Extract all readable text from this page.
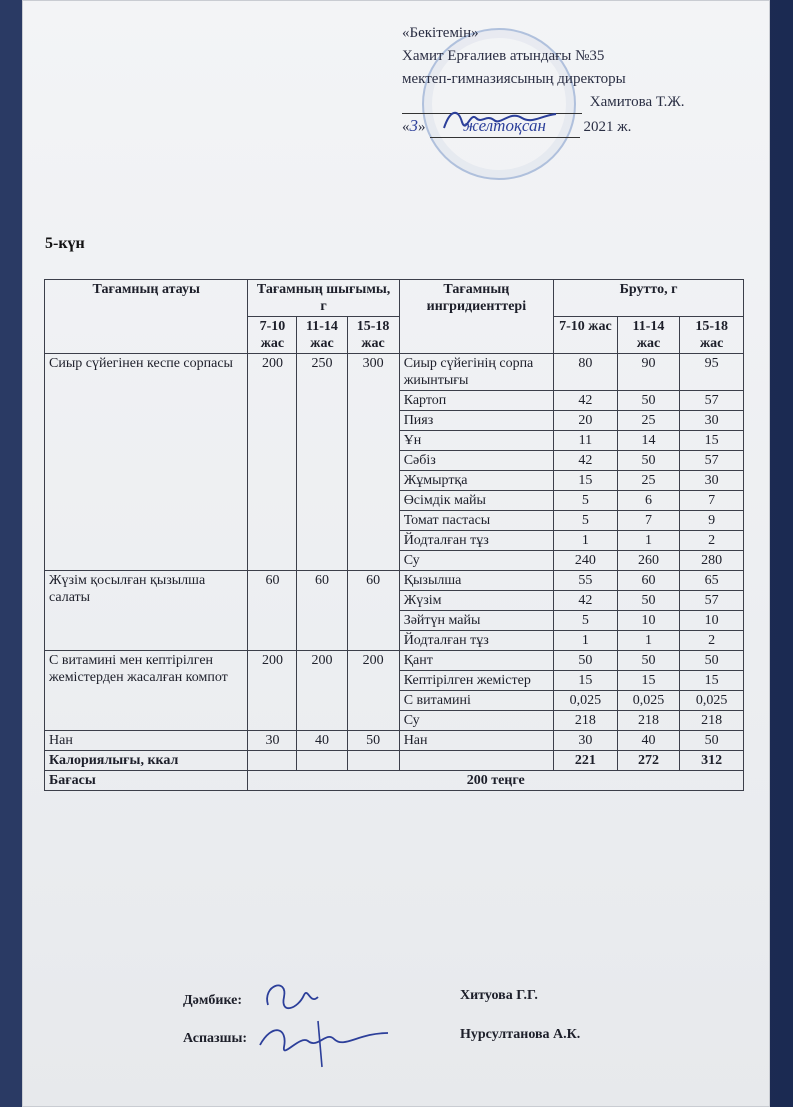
«Бекітемін»
Хамит Ерғалиев атындағы №35
мектеп-гимназиясының директоры
Хамитова Т.Ж.
«3» желтоқсан	2021 ж.
5-күн
Тағамның атауы	Тағамның шығымы, г			Тағамның ингридиенттері	Брутто, г		
	7-10 жас	11-14 жас	15-18 жас		7-10 жас	11-14 жас	15-18 жас
Сиыр сүйегінен кеспе сорпасы	200	250	300	Сиыр сүйегінің сорпа жиынтығы	80	90	95
				Картоп	42	50	57
				Пияз	20	25	30
				Ұн	11	14	15
				Сәбіз	42	50	57
				Жұмыртқа	15	25	30
				Өсімдік майы	5	6	7
				Томат пастасы	5	7	9
				Йодталған тұз	1	1	2
				Су	240	260	280
Жүзім қосылған қызылша салаты	60	60	60	Қызылша	55	60	65
				Жүзім	42	50	57
				Зәйтүн майы	5	10	10
				Йодталған тұз	1	1	2
С витамині мен кептірілген жемістерден жасалған компот	200	200	200	Қант	50	50	50
				Кептірілген жемістер	15	15	15
				С витамині	0,025	0,025	0,025
				Су	218	218	218
Нан	30	40	50	Нан	30	40	50
Калориялығы, ккал					221	272	312
Бағасы	200 теңге						
Дәмбике:	Хитуова Г.Г.
Аспазшы:	Нурсултанова А.К.
